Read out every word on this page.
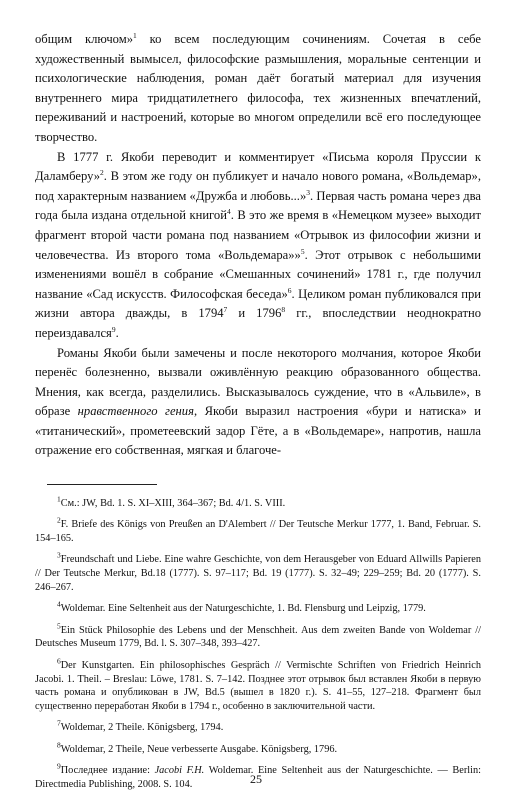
общим ключом»$^1$ ко всем последующим сочинениям. Сочетая в себе художественный вымысел, философские размышления, моральные сентенции и психологические наблюдения, роман даёт богатый материал для изучения внутреннего мира тридцатилетнего философа, тех жизненных впечатлений, переживаний и настроений, которые во многом определили всё его последующее творчество.

В 1777 г. Якоби переводит и комментирует «Письма короля Пруссии к Даламберу»$^2$. В этом же году он публикует и начало нового романа, «Вольдемар», под характерным названием «Дружба и любовь...»$^3$. Первая часть романа через два года была издана отдельной книгой$^4$. В это же время в «Немецком музее» выходит фрагмент второй части романа под названием «Отрывок из философии жизни и человечества. Из второго тома «Вольдемара»»$^5$. Этот отрывок с небольшими изменениями вошёл в собрание «Смешанных сочинений» 1781 г., где получил название «Сад искусств. Философская беседа»$^6$. Целиком роман публиковался при жизни автора дважды, в 1794$^7$ и 1796$^8$ гг., впоследствии неоднократно переиздавался$^9$.

Романы Якоби были замечены и после некоторого молчания, которое Якоби перенёс болезненно, вызвали оживлённую реакцию образованного общества. Мнения, как всегда, разделились. Высказывалось суждение, что в «Альвиле», в образе нравственного гения, Якоби выразил настроения «бури и натиска» и «титанический», прометеевский задор Гёте, а в «Вольдемаре», напротив, нашла отражение его собственная, мягкая и благоче-

$^1$См.: JW, Bd. 1. S. XI–XIII, 364–367; Bd. 4/1. S. VIII.

$^2$F. Briefe des Königs von Preußen an D'Alembert // Der Teutsche Merkur 1777, 1. Band, Februar. S. 154–165.

$^3$Freundschaft und Liebe. Eine wahre Geschichte, von dem Herausgeber von Eduard Allwills Papieren // Der Teutsche Merkur, Bd.18 (1777). S. 97–117; Bd. 19 (1777). S. 32–49; 229–259; Bd. 20 (1777). S. 246–267.

$^4$Woldemar. Eine Seltenheit aus der Naturgeschichte, 1. Bd. Flensburg und Leipzig, 1779.

$^5$Ein Stück Philosophie des Lebens und der Menschheit. Aus dem zweiten Bande von Woldemar // Deutsches Museum 1779, Bd. l. S. 307–348, 393–427.

$^6$Der Kunstgarten. Ein philosophisches Gespräch // Vermischte Schriften von Friedrich Heinrich Jacobi. 1. Theil. – Breslau: Löwe, 1781. S. 7–142. Позднее этот отрывок был вставлен Якоби в первую часть романа и опубликован в JW, Bd.5 (вышел в 1820 г.). S. 41–55, 127–218. Фрагмент был существенно переработан Якоби в 1794 г., особенно в заключительной части.

$^7$Woldemar, 2 Theile. Königsberg, 1794.

$^8$Woldemar, 2 Theile, Neue verbesserte Ausgabe. Königsberg, 1796.

$^9$Последнее издание: Jacobi F.H. Woldemar. Eine Seltenheit aus der Naturgeschichte. — Berlin: Directmedia Publishing, 2008. S. 104.	25
